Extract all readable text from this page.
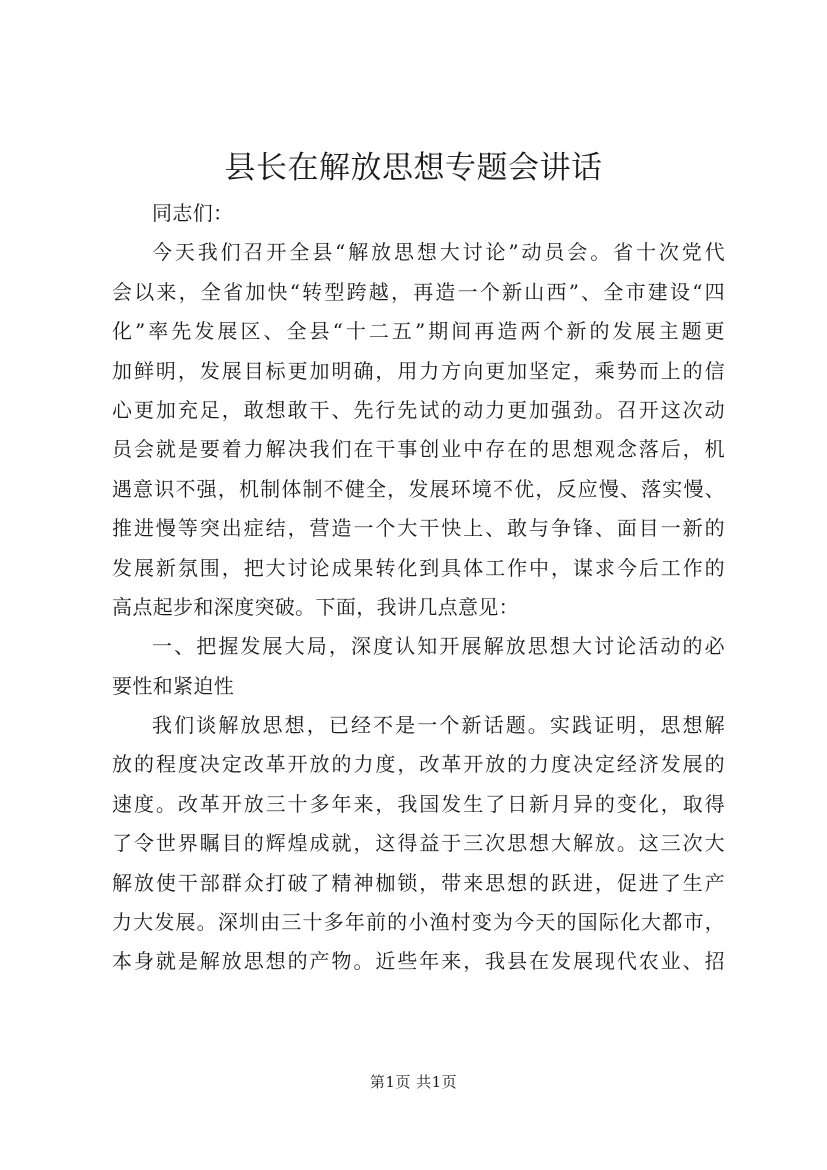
县长在解放思想专题会讲话
同志们：
今天我们召开全县“解放思想大讨论”动员会。省十次党代
会以来，全省加快“转型跨越，再造一个新山西”、全市建设“四
化”率先发展区、全县“十二五”期间再造两个新的发展主题更
加鲜明，发展目标更加明确，用力方向更加坚定，乘势而上的信
心更加充足，敢想敢干、先行先试的动力更加强劲。召开这次动
员会就是要着力解决我们在干事创业中存在的思想观念落后，机
遇意识不强，机制体制不健全，发展环境不优，反应慢、落实慢、
推进慢等突出症结，营造一个大干快上、敢与争锋、面目一新的
发展新氛围，把大讨论成果转化到具体工作中，谋求今后工作的
高点起步和深度突破。下面，我讲几点意见：
一、把握发展大局，深度认知开展解放思想大讨论活动的必
要性和紧迫性
我们谈解放思想，已经不是一个新话题。实践证明，思想解
放的程度决定改革开放的力度，改革开放的力度决定经济发展的
速度。改革开放三十多年来，我国发生了日新月异的变化，取得
了令世界瞩目的辉煌成就，这得益于三次思想大解放。这三次大
解放使干部群众打破了精神枷锁，带来思想的跃进，促进了生产
力大发展。深圳由三十多年前的小渔村变为今天的国际化大都市，
本身就是解放思想的产物。近些年来，我县在发展现代农业、招
第1页 共1页
